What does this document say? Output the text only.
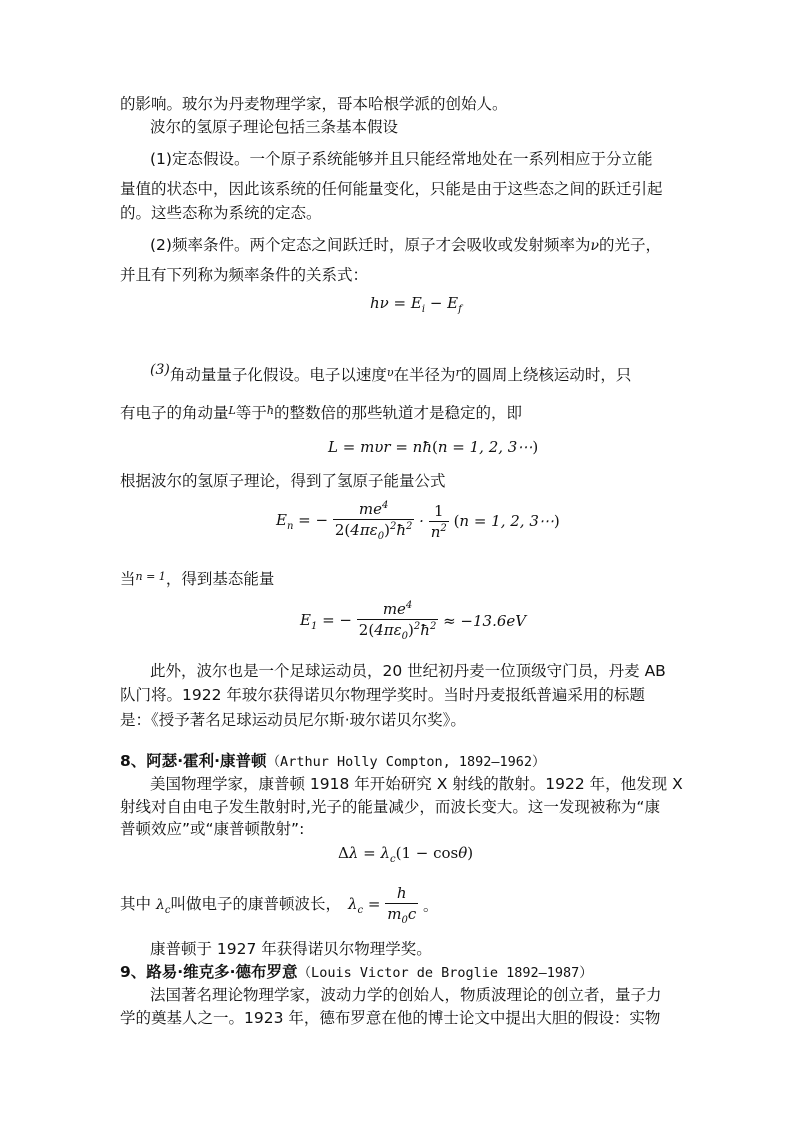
的影响。玻尔为丹麦物理学家，哥本哈根学派的创始人。
波尔的氢原子理论包括三条基本假设
(1)定态假设。一个原子系统能够并且只能经常地处在一系列相应于分立能
量值的状态中，因此该系统的任何能量变化，只能是由于这些态之间的跃迁引起
的。这些态称为系统的定态。
(2)频率条件。两个定态之间跃迁时，原子才会吸收或发射频率为ν的光子，
并且有下列称为频率条件的关系式：
$h\nu = E_i - E_f$
(3)角动量量子化假设。电子以速度$^\upsilon$在半径为$^r$的圆周上绕核运动时，只
有电子的角动量$^L$等于$^ħ$的整数倍的那些轨道才是稳定的，即
L = mυr = nħ(n = 1, 2, 3⋯)
根据波尔的氢原子理论，得到了氢原子能量公式
$E_n$ = − $\frac{me^4}{2(4\pi\varepsilon_0)^2ħ^2} \cdot \frac{1}{n^2} (n = 1$, 2, 3⋯)
当$^{n = 1}$，得到基态能量
$E_1$ = − $\frac{me^4}{2(4\pi\varepsilon_0)^2ħ^2} \approx -13.6eV$
此外，波尔也是一个足球运动员，20 世纪初丹麦一位顶级守门员，丹麦 AB
队门将。1922 年玻尔获得诺贝尔物理学奖时。当时丹麦报纸普遍采用的标题
是：《授予著名足球运动员尼尔斯·玻尔诺贝尔奖》。
8、阿瑟·霍利·康普顿（Arthur Holly Compton, 1892—1962）
美国物理学家，康普顿 1918 年开始研究 X 射线的散射。1922 年，他发现 X
射线对自由电子发生散射时,光子的能量减少，而波长变大。这一发现被称为“康
普顿效应”或“康普顿散射”:
$\Delta\lambda = \lambda_c(1 - \cos\theta)$
其中 $\lambda_c$叫做电子的康普顿波长， $\lambda_c = \frac{h}{m_0c}$ 。
康普顿于 1927 年获得诺贝尔物理学奖。
9、路易·维克多·德布罗意（Louis Victor de Broglie 1892—1987）
法国著名理论物理学家，波动力学的创始人，物质波理论的创立者，量子力
学的奠基人之一。1923 年，德布罗意在他的博士论文中提出大胆的假设：实物
